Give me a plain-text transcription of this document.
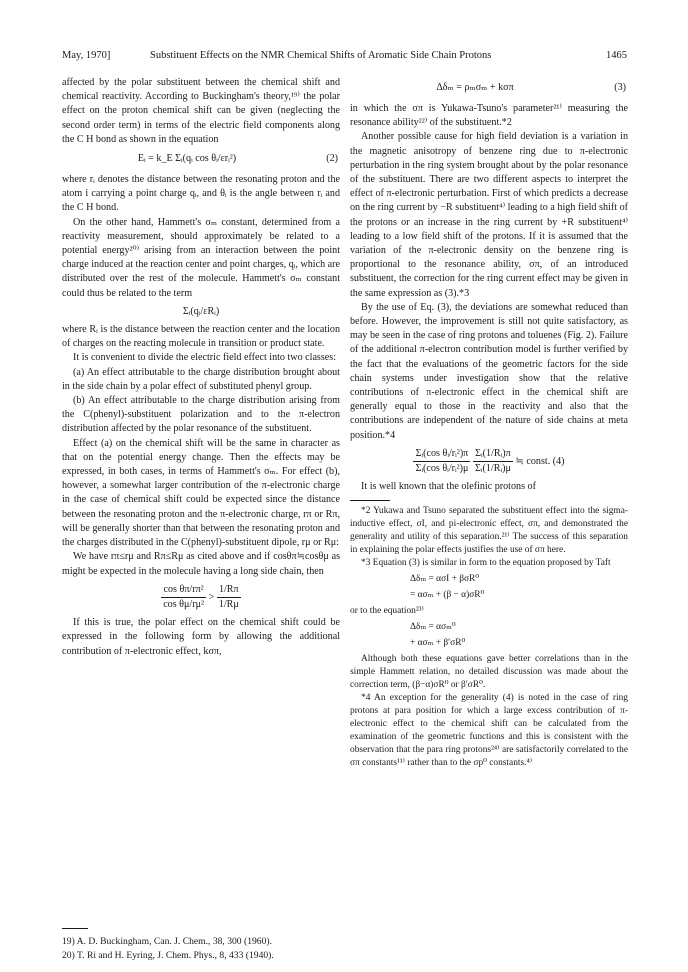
May, 1970]	Substituent Effects on the NMR Chemical Shifts of Aromatic Side Chain Protons	1465

affected by the polar substituent between the chemical shift and chemical reactivity. According to Buckingham's theory,¹⁹⁾ the polar effect on the proton chemical shift can be given (neglecting the second order term) in terms of the electric field components along the C H bond as shown in the equation

Eᵢ = k_E Σᵢ(qᵢ cos θᵢ/εrᵢ²)	(2)

where rᵢ denotes the distance between the resonating proton and the atom i carrying a point charge qᵢ, and θᵢ is the angle between rᵢ and the C H bond.

On the other hand, Hammett's σₘ constant, determined from a reactivity measurement, should approximately be related to a potential energy²⁰⁾ arising from an interaction between the point charge induced at the reaction center and point charges, qᵢ, which are distributed over the rest of the molecule. Hammett's σₘ constant could thus be related to the term

Σᵢ(qᵢ/εRᵢ)

where Rᵢ is the distance between the reaction center and the location of charges on the reacting molecule in transition or product state.

It is convenient to divide the electric field effect into two classes:

(a) An effect attributable to the charge distribution brought about in the side chain by a polar effect of substituted phenyl group.

(b) An effect attributable to the charge distribution arising from the C(phenyl)-substituent polarization and to the π-electron distribution affected by the polar resonance of the substituent.

Effect (a) on the chemical shift will be the same in character as that on the potential energy change. Then the effects may be expressed, in both cases, in terms of Hammett's σₘ. For effect (b), however, a somewhat larger contribution of the π-electronic charge in the case of chemical shift could be expected since the distance between the resonating proton and the π-electronic charge, rπ or Rπ, will be generally shorter than that between the resonating proton and the charges distributed in the C(phenyl)-substituent dipole, rμ or Rμ:

We have rπ≤rμ and Rπ≤Rμ as cited above and if cosθπ≒cosθμ as might be expected in the molecule having a long side chain, then

$\frac{\text{cos θπ/rπ²}}{\text{cos θμ/rμ²}} > \frac{1/R\pi}{1/R\mu}$

If this is true, the polar effect on the chemical shift could be expressed in the following form by allowing the additional contribution of π-electronic effect, kσπ,

19) A. D. Buckingham, Can. J. Chem., 38, 300 (1960).
20) T. Ri and H. Eyring, J. Chem. Phys., 8, 433 (1940).
Δδₘ = ρₘσₘ + kσπ	(3)

in which the σπ is Yukawa-Tsuno's parameter²¹⁾ measuring the resonance ability²²⁾ of the substituent.*2

Another possible cause for high field deviation is a variation in the magnetic anisotropy of benzene ring due to π-electronic perturbation in the ring system brought about by the polar resonance of the substituent. There are two different aspects to interpret the effect of π-electronic perturbation. First of which predicts a decrease on the ring current by −R substituent⁴⁾ leading to a high field shift of the protons or an increase in the ring current by +R substituent⁴⁾ leading to a low field shift of the protons. If it is assumed that the variation of the π-electronic density on the benzene ring is proportional to the resonance ability, σπ, of an introduced substituent, the correction for the ring current effect may be given in the same expression as (3).*3

By the use of Eq. (3), the deviations are somewhat reduced than before. However, the improvement is still not quite satisfactory, as may be seen in the case of ring protons and toluenes (Fig. 2). Failure of the additional π-electron contribution model is further verified by the fact that the evaluations of the geometric factors for the side chain systems under investigation show that the relative contributions of π-electronic effect in the chemical shift are generally equal to those in the reactivity and also that the contributions are independent of the nature of side chains at meta position.*4

$\frac{\text{Σᵢ(cos θᵢ/rᵢ²)π}}{\text{Σᵢ(cos θᵢ/rᵢ²)μ}}$
$\frac{\text{Σᵢ(1/Rᵢ)π}}{\text{Σᵢ(1/Rᵢ)μ}}$ ≒ const. (4)

It is well known that the olefinic protons of

*2 Yukawa and Tsuno separated the substituent effect into the sigma-inductive effect, σI, and pi-electronic effect, σπ, and demonstrated the generality and utility of this separation.²¹⁾ The success of this separation in explaining the polar effects justifies the use of σπ here.

*3 Equation (3) is similar in form to the equation proposed by Taft

Δδₘ = ασI + βσR⁰
= ασₘ + (β − α)σR⁰

or to the equation²³⁾

Δδₘ = ασₘ⁰
+ ασₘ + β′σR⁰

Although both these equations gave better correlations than in the simple Hammett relation, no detailed discussion was made about the correction term, (β−α)σR⁰ or β′σR⁰.

*4 An exception for the generality (4) is noted in the case of ring protons at para position for which a large excess contribution of π-electronic effect to the chemical shift can be calculated from the examination of the geometric functions and this is consistent with the observation that the para ring protons²⁴⁾ are satisfactorily correlated to the σπ constants¹¹⁾ rather than to the σp⁰ constants.⁴⁾
